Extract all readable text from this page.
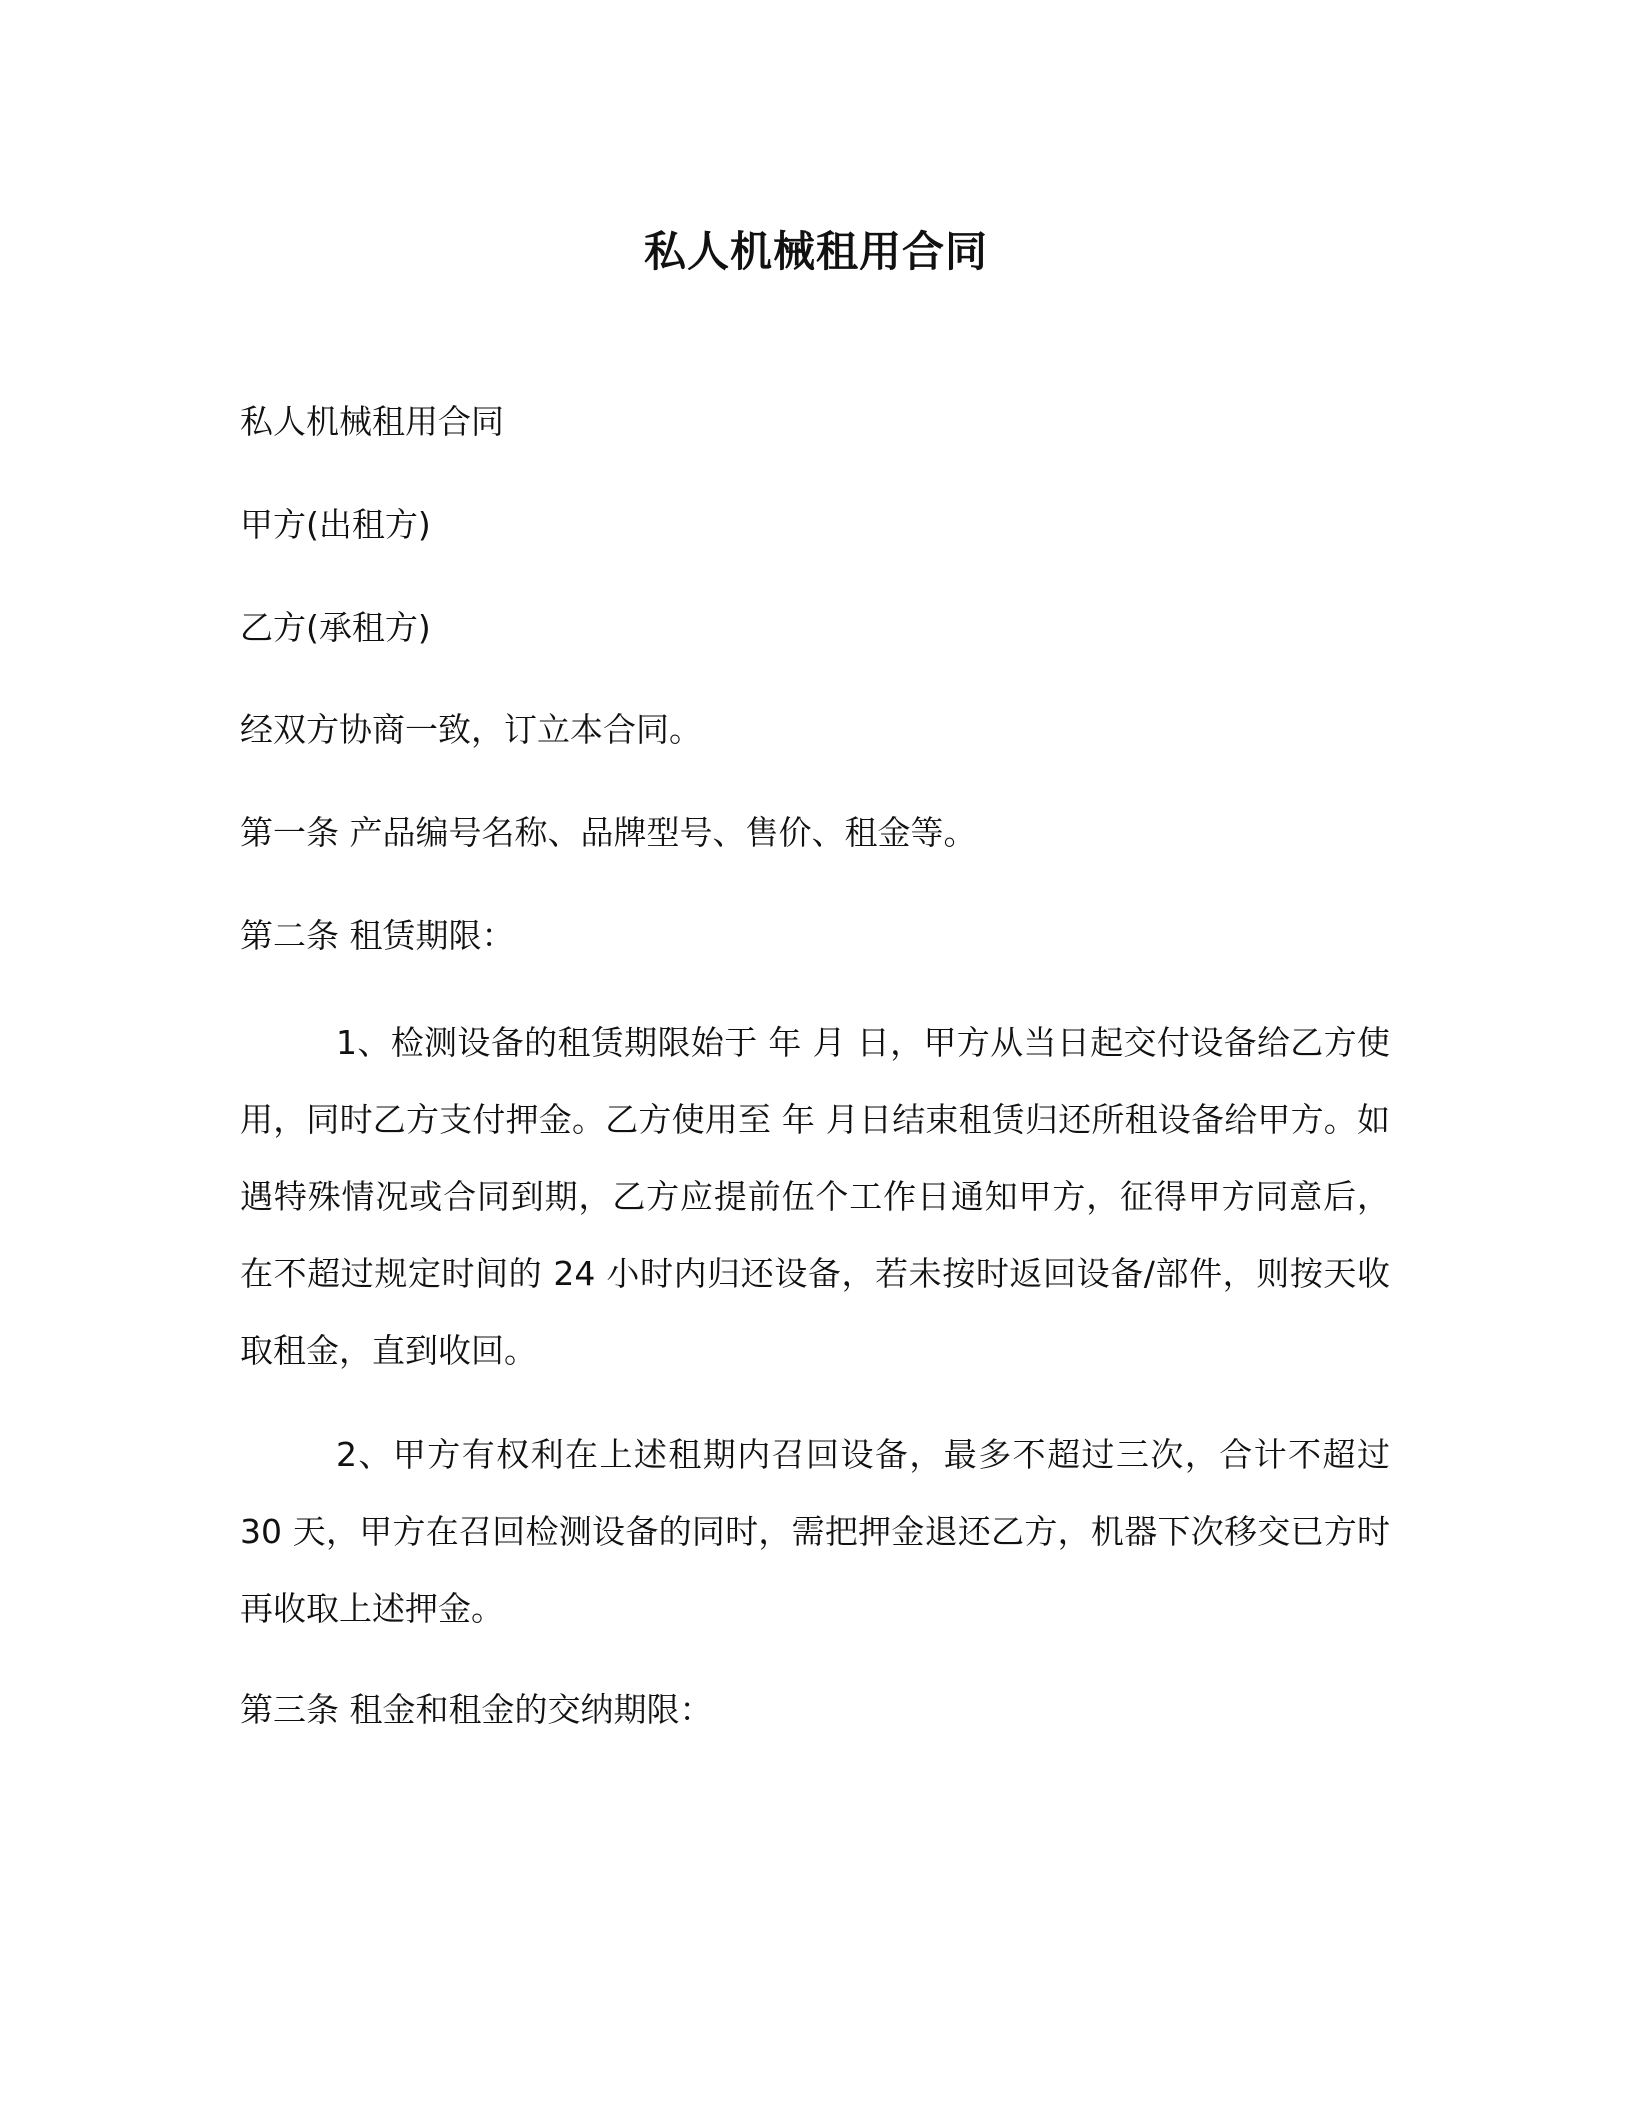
私人机械租用合同

私人机械租用合同

甲方(出租方)

乙方(承租方)

经双方协商一致，订立本合同。

第一条 产品编号名称、品牌型号、售价、租金等。

第二条 租赁期限：

1、检测设备的租赁期限始于 年 月 日，甲方从当日起交付设备给乙方使用，同时乙方支付押金。乙方使用至 年 月日结束租赁归还所租设备给甲方。如遇特殊情况或合同到期，乙方应提前伍个工作日通知甲方，征得甲方同意后，在不超过规定时间的 24 小时内归还设备，若未按时返回设备/部件，则按天收取租金，直到收回。

2、甲方有权利在上述租期内召回设备，最多不超过三次，合计不超过 30 天，甲方在召回检测设备的同时，需把押金退还乙方，机器下次移交已方时再收取上述押金。

第三条 租金和租金的交纳期限：
